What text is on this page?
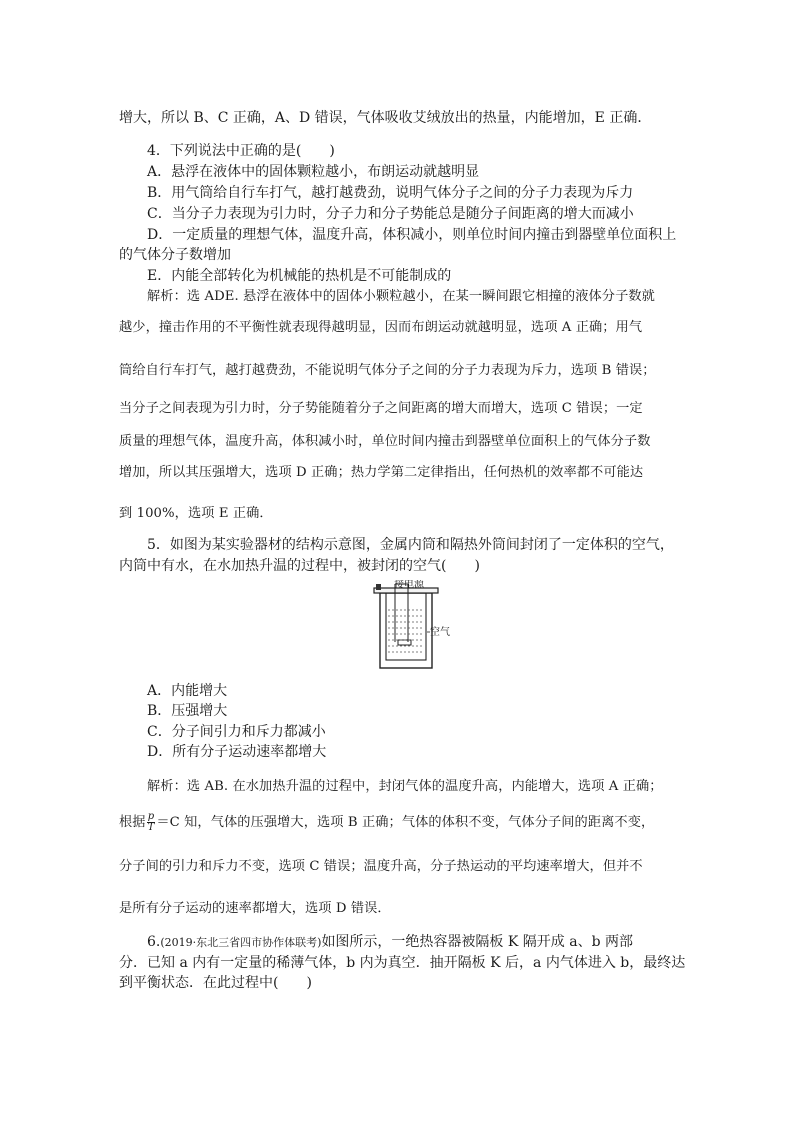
增大，所以 B、C 正确，A、D 错误，气体吸收艾绒放出的热量，内能增加，E 正确．
4．下列说法中正确的是(　　)
A．悬浮在液体中的固体颗粒越小，布朗运动就越明显
B．用气筒给自行车打气，越打越费劲，说明气体分子之间的分子力表现为斥力
C．当分子力表现为引力时，分子力和分子势能总是随分子间距离的增大而减小
D．一定质量的理想气体，温度升高，体积减小，则单位时间内撞击到器壁单位面积上
的气体分子数增加
E．内能全部转化为机械能的热机是不可能制成的
解析：选 ADE. 悬浮在液体中的固体小颗粒越小，在某一瞬间跟它相撞的液体分子数就
越少，撞击作用的不平衡性就表现得越明显，因而布朗运动就越明显，选项 A 正确；用气
筒给自行车打气，越打越费劲，不能说明气体分子之间的分子力表现为斥力，选项 B 错误；
当分子之间表现为引力时，分子势能随着分子之间距离的增大而增大，选项 C 错误；一定
质量的理想气体，温度升高，体积减小时，单位时间内撞击到器壁单位面积上的气体分子数
增加，所以其压强增大，选项 D 正确；热力学第二定律指出，任何热机的效率都不可能达
到 100%，选项 E 正确．
5．如图为某实验器材的结构示意图，金属内筒和隔热外筒间封闭了一定体积的空气，
内筒中有水，在水加热升温的过程中，被封闭的空气(　　)
接电源
空气
A．内能增大
B．压强增大
C．分子间引力和斥力都减小
D．所有分子运动速率都增大
解析：选 AB. 在水加热升温的过程中，封闭气体的温度升高，内能增大，选项 A 正确；
根据 $\frac{p}{T} =C$ 知，气体的压强增大，选项 B 正确；气体的体积不变，气体分子间的距离不变，
分子间的引力和斥力不变，选项 C 错误；温度升高，分子热运动的平均速率增大，但并不
是所有分子运动的速率都增大，选项 D 错误．
6.(2019·东北三省四市协作体联考)如图所示，一绝热容器被隔板 K 隔开成 a、b 两部
分．已知 a 内有一定量的稀薄气体，b 内为真空．抽开隔板 K 后，a 内气体进入 b，最终达
到平衡状态．在此过程中(　　)
